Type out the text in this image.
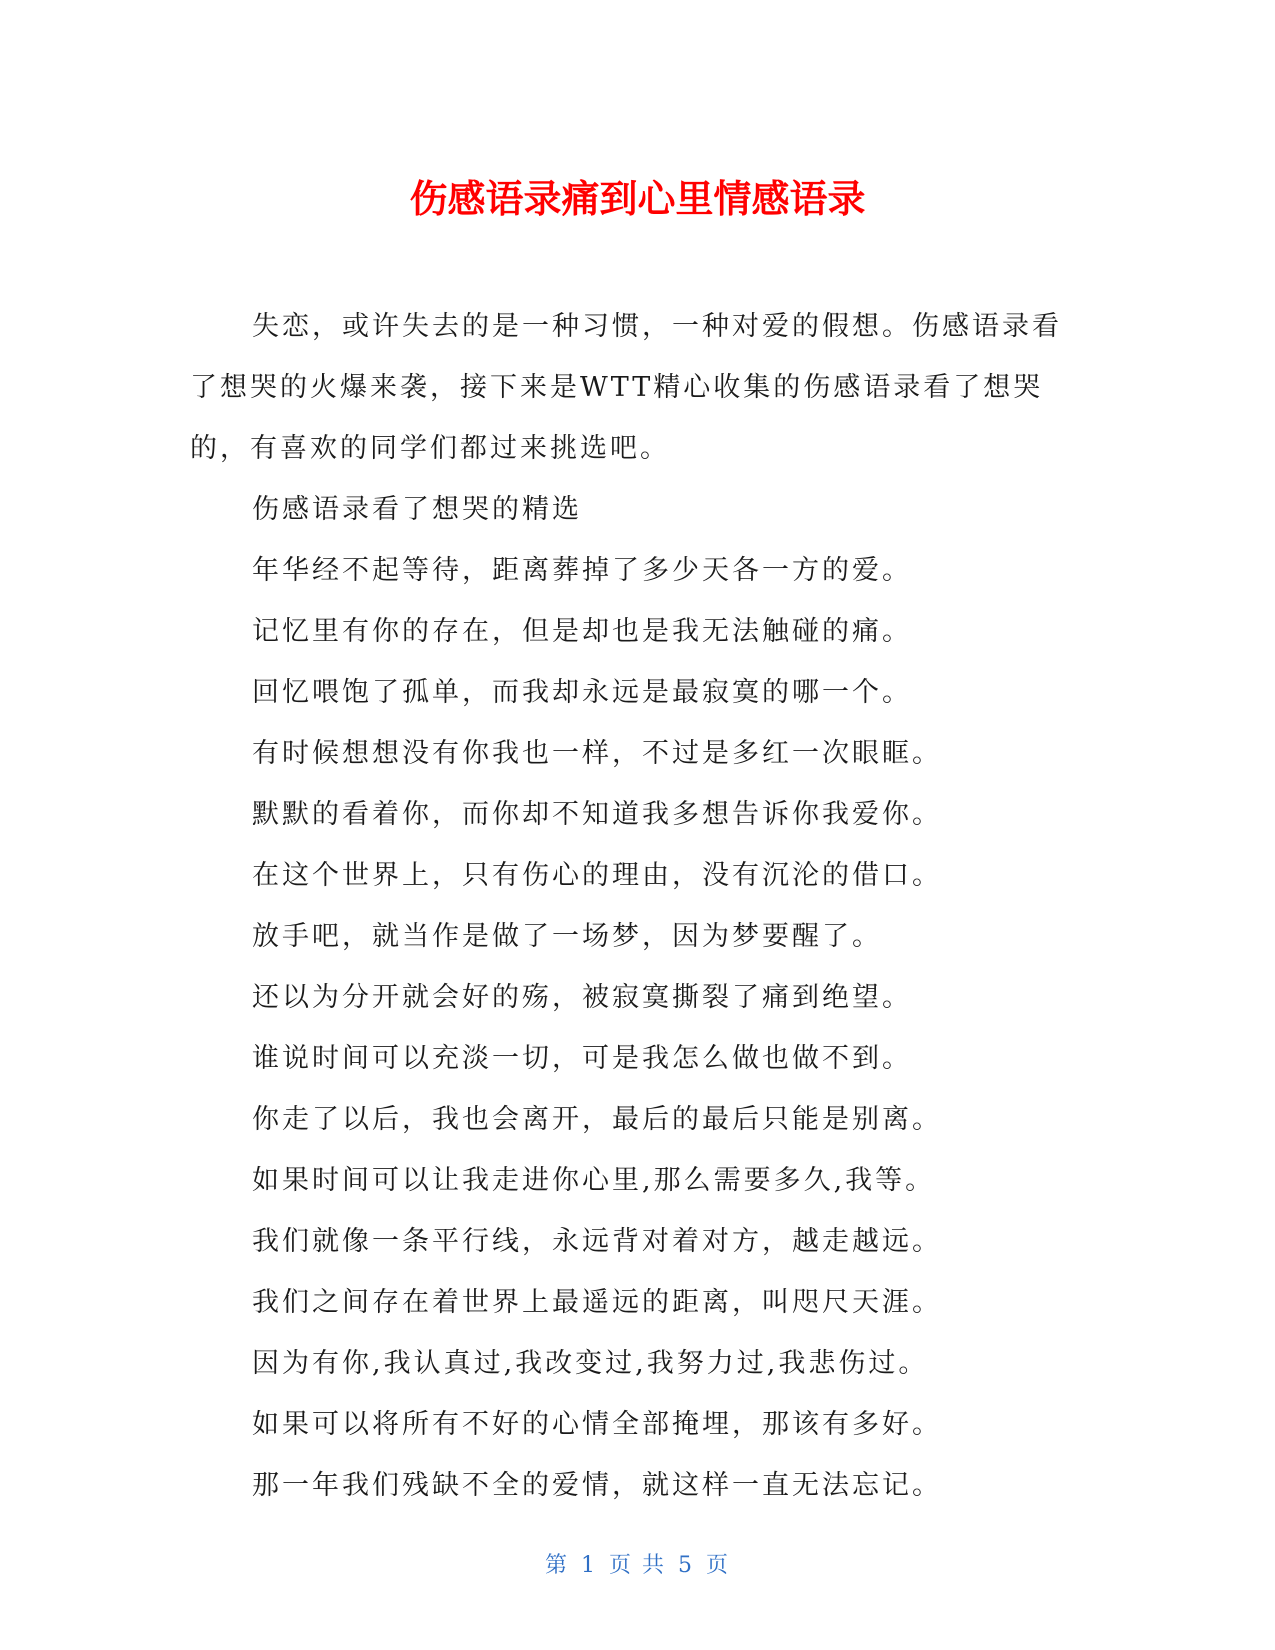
伤感语录痛到心里情感语录

失恋，或许失去的是一种习惯，一种对爱的假想。伤感语录看了想哭的火爆来袭，接下来是WTT精心收集的伤感语录看了想哭的，有喜欢的同学们都过来挑选吧。

伤感语录看了想哭的精选

年华经不起等待，距离葬掉了多少天各一方的爱。

记忆里有你的存在，但是却也是我无法触碰的痛。

回忆喂饱了孤单，而我却永远是最寂寞的哪一个。

有时候想想没有你我也一样，不过是多红一次眼眶。

默默的看着你，而你却不知道我多想告诉你我爱你。

在这个世界上，只有伤心的理由，没有沉沦的借口。

放手吧，就当作是做了一场梦，因为梦要醒了。

还以为分开就会好的殇，被寂寞撕裂了痛到绝望。

谁说时间可以充淡一切，可是我怎么做也做不到。

你走了以后，我也会离开，最后的最后只能是别离。

如果时间可以让我走进你心里,那么需要多久,我等。

我们就像一条平行线，永远背对着对方，越走越远。

我们之间存在着世界上最遥远的距离，叫咫尺天涯。

因为有你,我认真过,我改变过,我努力过,我悲伤过。

如果可以将所有不好的心情全部掩埋，那该有多好。

那一年我们残缺不全的爱情，就这样一直无法忘记。

第 1 页 共 5 页
